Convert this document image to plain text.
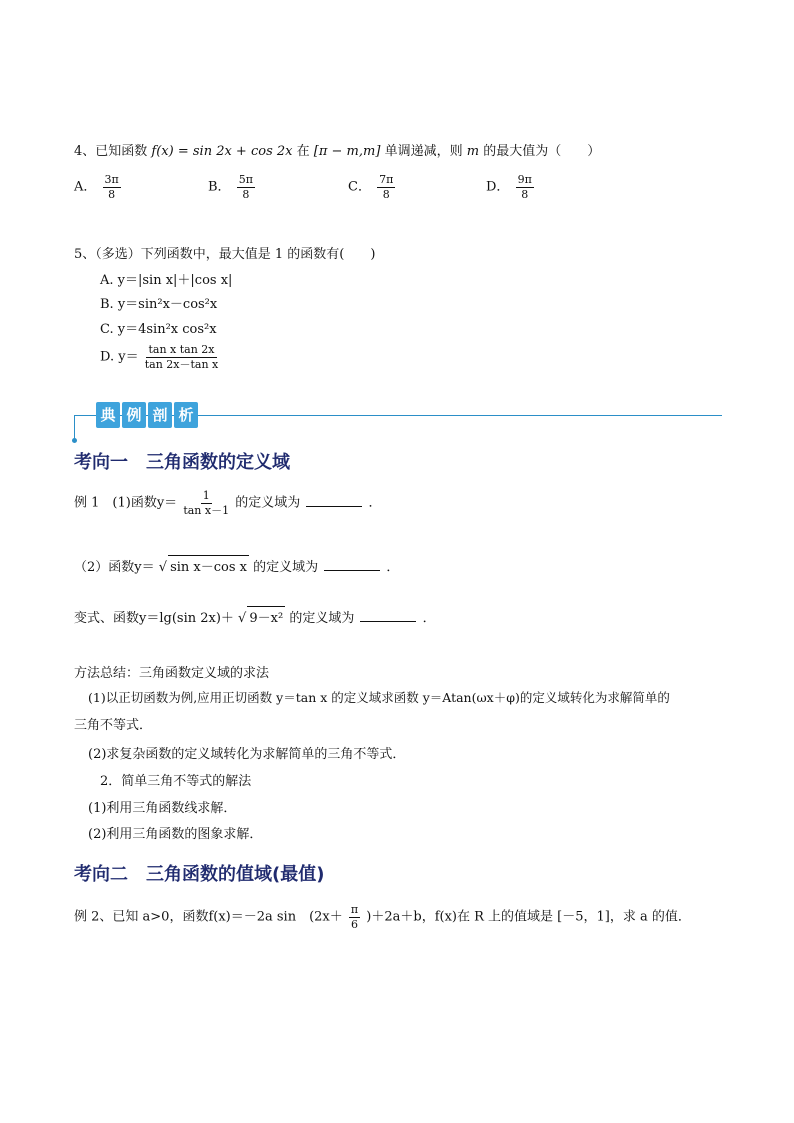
4、已知函数 f(x) = sin 2x + cos 2x 在 [π − m,m] 单调递减，则 m 的最大值为（　　）
A． $\frac{3\pi}{8}$	B． $\frac{5\pi}{8}$	C． $\frac{7\pi}{8}$	D． $\frac{9\pi}{8}$
5、（多选）下列函数中，最大值是 1 的函数有(　　)
A. y＝|sin x|＋|cos x|
B. y＝sin²x－cos²x
C. y＝4sin²x cos²x
D. $y= \frac{\text{tan x tan 2x}}{\text{tan 2x－tan x}}$
典 例 剖 析
考向一　三角函数的定义域
例 1　(1)函数$y= \frac{1}{\text{tan x－1}}$ 的定义域为	．
（2）函数y＝ √ sin x－cos x 的定义域为	．
变式、函数y＝lg(sin 2x)＋ √ 9－x² 的定义域为	．
方法总结：三角函数定义域的求法
(1)以正切函数为例,应用正切函数 y＝tan x 的定义域求函数 y＝Atan(ωx＋φ)的定义域转化为求解简单的
三角不等式．
(2)求复杂函数的定义域转化为求解简单的三角不等式．
2．简单三角不等式的解法
(1)利用三角函数线求解．
(2)利用三角函数的图象求解．
考向二　三角函数的值域(最值)
例 2、已知 a>0，函数f(x)＝－2a sin　$(2x+ \frac{\pi}{6} )+2a+b$，f(x)在 R 上的值域是 [－5，1]，求 a 的值．
